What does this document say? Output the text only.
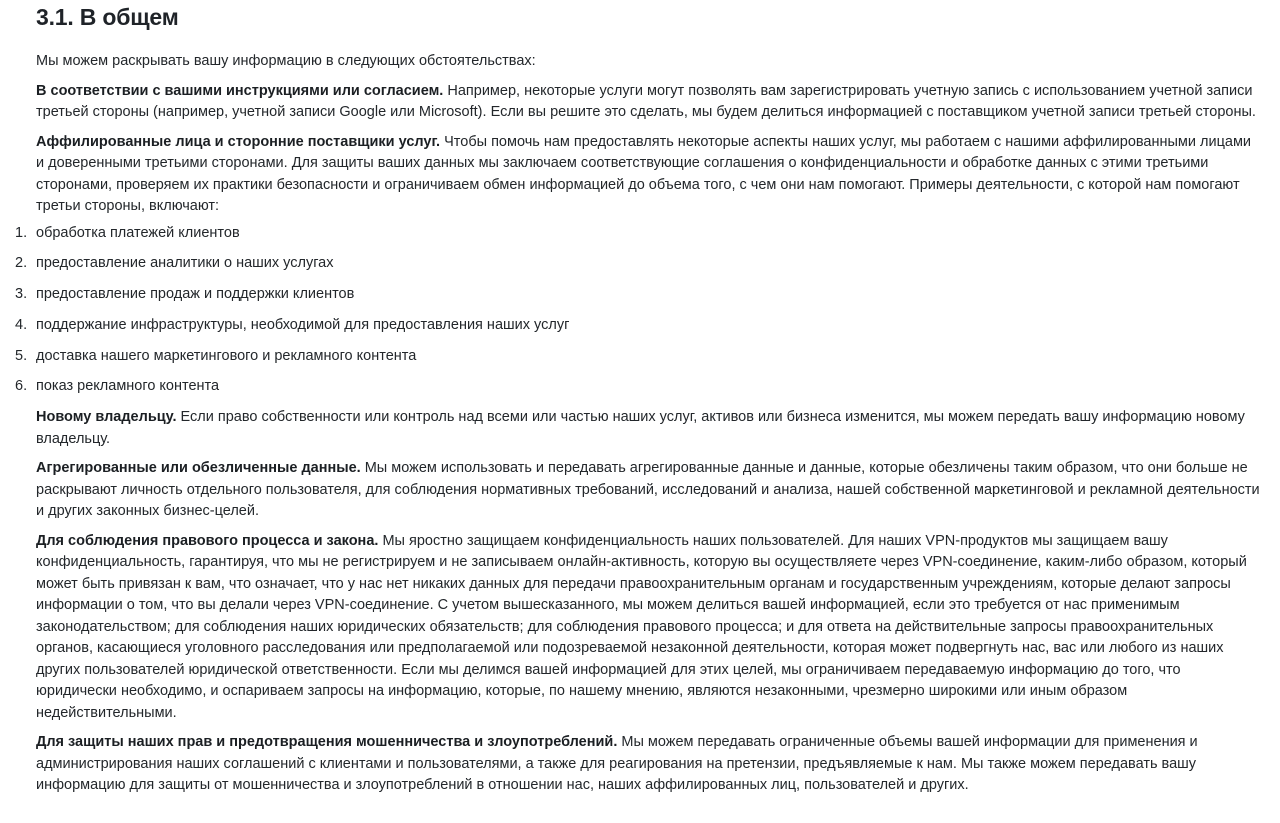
3.1. В общем

Мы можем раскрывать вашу информацию в следующих обстоятельствах:

В соответствии с вашими инструкциями или согласием. Например, некоторые услуги могут позволять вам зарегистрировать учетную запись с использованием учетной записи третьей стороны (например, учетной записи Google или Microsoft). Если вы решите это сделать, мы будем делиться информацией с поставщиком учетной записи третьей стороны.

Аффилированные лица и сторонние поставщики услуг. Чтобы помочь нам предоставлять некоторые аспекты наших услуг, мы работаем с нашими аффилированными лицами и доверенными третьими сторонами. Для защиты ваших данных мы заключаем соответствующие соглашения о конфиденциальности и обработке данных с этими третьими сторонами, проверяем их практики безопасности и ограничиваем обмен информацией до объема того, с чем они нам помогают. Примеры деятельности, с которой нам помогают третьи стороны, включают:

1. обработка платежей клиентов
2. предоставление аналитики о наших услугах
3. предоставление продаж и поддержки клиентов
4. поддержание инфраструктуры, необходимой для предоставления наших услуг
5. доставка нашего маркетингового и рекламного контента
6. показ рекламного контента

Новому владельцу. Если право собственности или контроль над всеми или частью наших услуг, активов или бизнеса изменится, мы можем передать вашу информацию новому владельцу.

Агрегированные или обезличенные данные. Мы можем использовать и передавать агрегированные данные и данные, которые обезличены таким образом, что они больше не раскрывают личность отдельного пользователя, для соблюдения нормативных требований, исследований и анализа, нашей собственной маркетинговой и рекламной деятельности и других законных бизнес-целей.

Для соблюдения правового процесса и закона. Мы яростно защищаем конфиденциальность наших пользователей. Для наших VPN-продуктов мы защищаем вашу конфиденциальность, гарантируя, что мы не регистрируем и не записываем онлайн-активность, которую вы осуществляете через VPN-соединение, каким-либо образом, который может быть привязан к вам, что означает, что у нас нет никаких данных для передачи правоохранительным органам и государственным учреждениям, которые делают запросы информации о том, что вы делали через VPN-соединение. С учетом вышесказанного, мы можем делиться вашей информацией, если это требуется от нас применимым законодательством; для соблюдения наших юридических обязательств; для соблюдения правового процесса; и для ответа на действительные запросы правоохранительных органов, касающиеся уголовного расследования или предполагаемой или подозреваемой незаконной деятельности, которая может подвергнуть нас, вас или любого из наших других пользователей юридической ответственности. Если мы делимся вашей информацией для этих целей, мы ограничиваем передаваемую информацию до того, что юридически необходимо, и оспариваем запросы на информацию, которые, по нашему мнению, являются незаконными, чрезмерно широкими или иным образом недействительными.

Для защиты наших прав и предотвращения мошенничества и злоупотреблений. Мы можем передавать ограниченные объемы вашей информации для применения и администрирования наших соглашений с клиентами и пользователями, а также для реагирования на претензии, предъявляемые к нам. Мы также можем передавать вашу информацию для защиты от мошенничества и злоупотреблений в отношении нас, наших аффилированных лиц, пользователей и других.
